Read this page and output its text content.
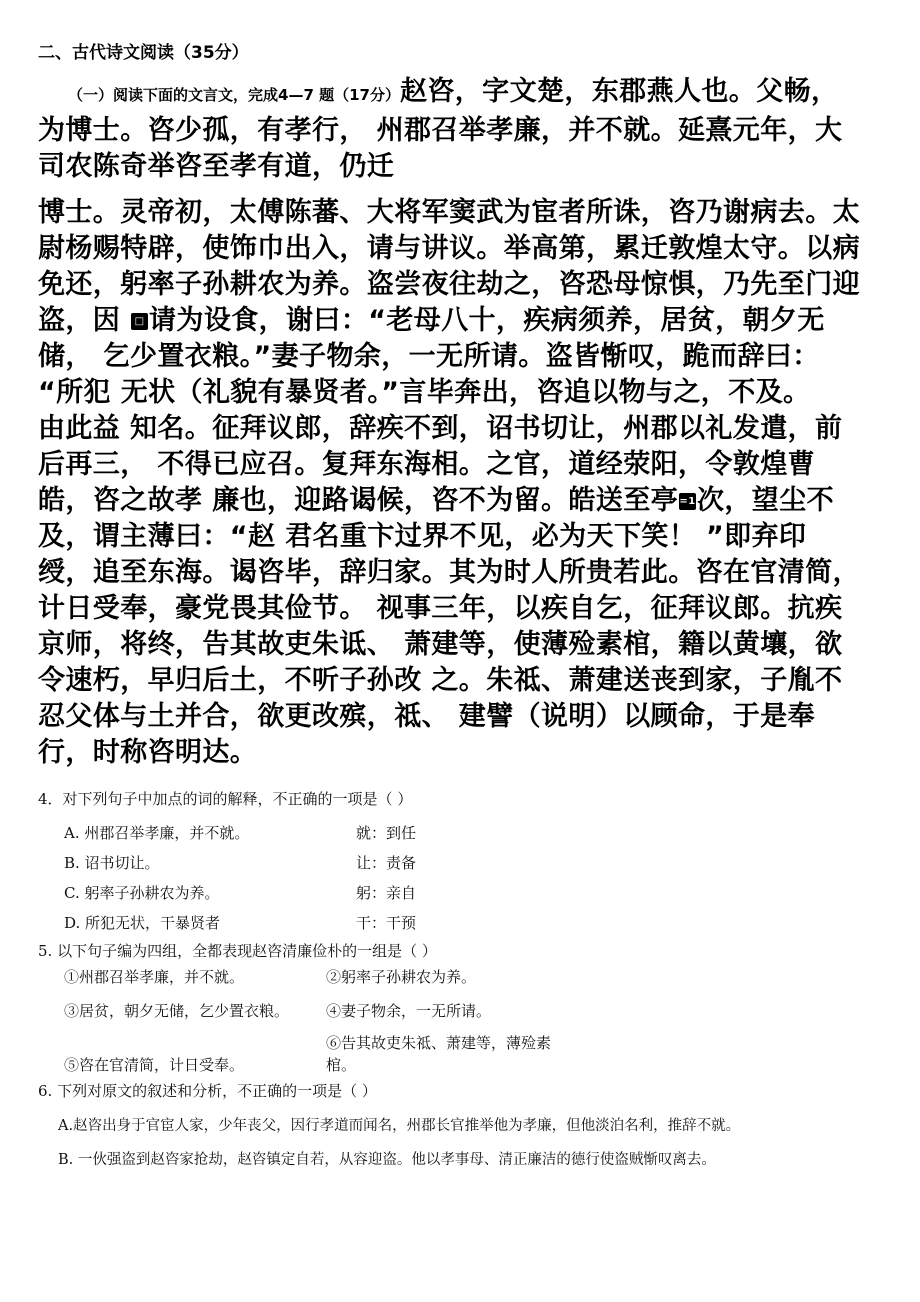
二、古代诗文阅读（35分）

（一）阅读下面的文言文，完成4—7 题（17分）赵咨，字文楚，东郡燕人也。父畅，

为博士。咨少孤，有孝行， 州郡召举孝廉，并不就。延熹元年，大

司农陈奇举咨至孝有道，仍迁

博士。灵帝初，太傅陈蕃、大将军窦武为宦者所诛，咨乃谢病去。太

尉杨赐特辟，使饰巾出入，请与讲议。举高第，累迁敦煌太守。以病

免还，躬率子孙耕农为养。盗尝夜往劫之，咨恐母惊惧，乃先至门迎

盗，因 □ 请为设食，谢曰：“老母八十，疾病须养，居贫，朝夕无

储， 乞少置衣粮。”妻子物余，一无所请。盗皆惭叹，跪而辞曰：

“所犯 无状（礼貌有暴贤者。”言毕奔出，咨追以物与之，不及。

由此益 知名。征拜议郎，辞疾不到，诏书切让，州郡以礼发遣，前

后再三， 不得已应召。复拜东海相。之官，道经荥阳，令敦煌曹

皓，咨之故孝 廉也，迎路谒候，咨不为留。皓送至亭=1次，望尘不

及，谓主薄曰：“赵 君名重卞过界不见，必为天下笑！ ”即弃印

绶，追至东海。谒咨毕，辞归家。其为时人所贵若此。咨在官清简，

计日受奉，豪党畏其俭节。 视事三年，以疾自乞，征拜议郎。抗疾

京师，将终，告其故吏朱诋、 萧建等，使薄殓素棺，籍以黄壤，欲

令速朽，早归后土，不听子孙改 之。朱祗、萧建送丧到家，子胤不

忍父体与土并合，欲更改殡，祗、 建譬（说明）以顾命，于是奉

行，时称咨明达。

4．对下列句子中加点的词的解释，不正确的一项是（ ）
A. 州郡召举孝廉，并不就。	就：到任
B. 诏书切让。	让：责备
C. 躬率子孙耕农为养。	躬：亲自
D. 所犯无状，干暴贤者	干：干预
5. 以下句子编为四组，全都表现赵咨清廉俭朴的一组是（ ）
①州郡召举孝廉，并不就。	②躬率子孙耕农为养。
③居贫，朝夕无储，乞少置衣粮。	④妻子物余，一无所请。
⑤咨在官清简，计日受奉。
⑥告其故吏朱祗、萧建等，薄殓素棺。
6. 下列对原文的叙述和分析，不正确的一项是（ ）
A.赵咨出身于官宦人家，少年丧父，因行孝道而闻名，州郡长官推举他为孝廉，但他淡泊名利，推辞不就。
B. 一伙强盗到赵咨家抢劫，赵咨镇定自若，从容迎盗。他以孝事母、清正廉洁的德行使盗贼惭叹离去。
